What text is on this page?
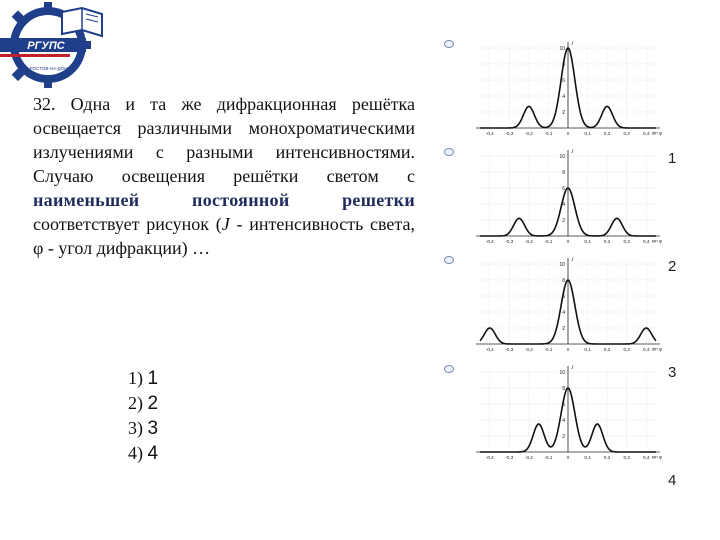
РГУПС
РОСТОВ-НА-ДОНУ
32. Одна и та же дифракционная решётка освещается различными монохроматическими излучениями с разными интенсивностями. Случаю освещения решётки светом с наименьшей постоянной решетки соответствует рисунок (J - интенсивность света, φ - угол дифракции) …
1) 1
2) 2
3) 3
4) 4
2
4
6
8
10
-0,4	-0,3	-0,2	-0,1	0	0,1	0,2	0,3	0,4
J
sin φ
2
4
6
8
10
-0,4	-0,3	-0,2	-0,1	0	0,1	0,2	0,3	0,4
J
sin φ
2
4
6
8
10
-0,4	-0,3	-0,2	-0,1	0	0,1	0,2	0,3	0,4
J
sin φ
2
4
6
8
10
-0,4	-0,3	-0,2	-0,1	0	0,1	0,2	0,3	0,4
J
sin φ
1
2
3
4
